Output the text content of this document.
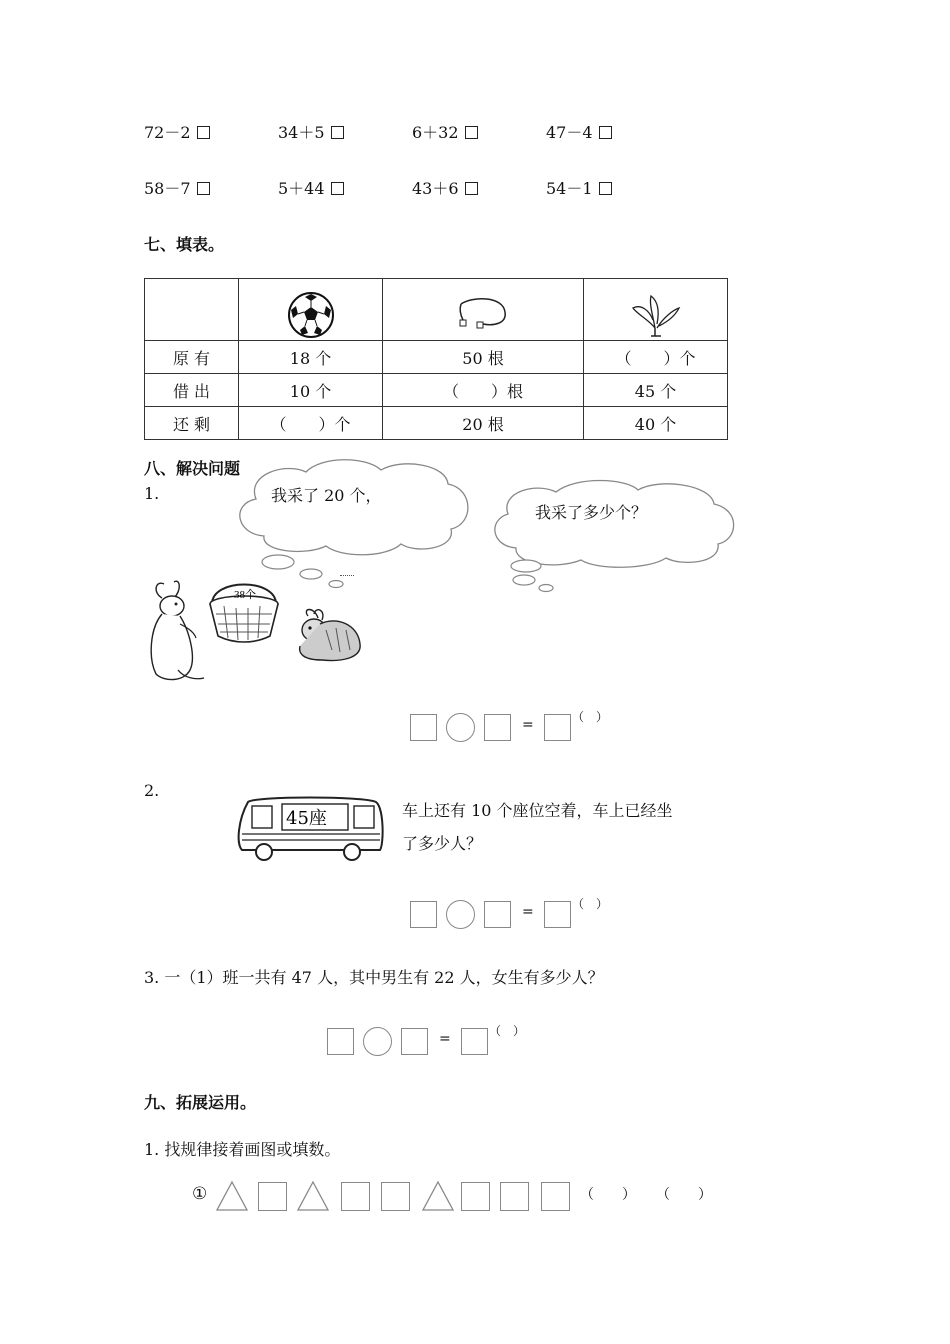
72－2	34＋5	6＋32	47－4
58－7	5＋44	43＋6	54－1
七、填表。

原 有	18 个	50 根	（　　）个
借 出	10 个	（　　）根	45 个
还 剩	（　　）个	20 根	40 个
八、解决问题
1.	我采了 20 个，
我采了多少个？
38个
=	（　）
2.
45座	车上还有 10 个座位空着，车上已经坐
了多少人？
=	（　）
3. 一（1）班一共有 47 人，其中男生有 22 人，女生有多少人？
=	（　）
九、拓展运用。
1. 找规律接着画图或填数。
①	（　　） （　　）
